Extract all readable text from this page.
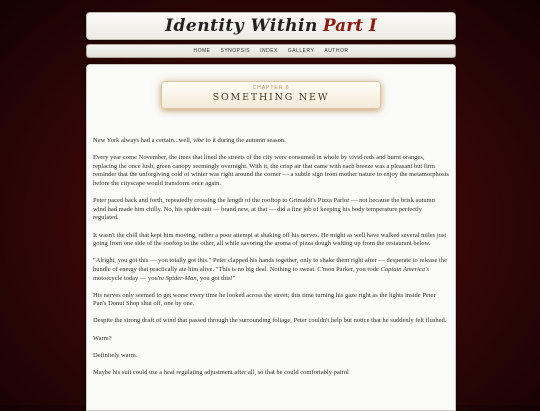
Identity Within Part I
HOME SYNOPSIS INDEX GALLERY AUTHOR
CHAPTER 6
SOMETHING NEW

New York always had a certain...well, vibe to it during the autumn season.

Every year come November, the trees that lined the streets of the city were consumed in whole by vivid reds and burnt oranges, replacing the once lush, green canopy seemingly overnight. With it, the crisp air that came with each breeze was a pleasant but firm reminder that the unforgiving cold of winter was right around the corner — a subtle sign from mother nature to enjoy the metamorphosis before the cityscape would transform once again.

Peter paced back and forth, repeatedly crossing the length of the rooftop to Grimaldi's Pizza Parlor — not because the brisk autumn wind had made him chilly. No, his spider-suit — brand new, at that — did a fine job of keeping his body temperature perfectly regulated.

It wasn't the chill that kept him moving, rather a poor attempt at shaking off his nerves. He might as well have walked several miles just going from one side of the rooftop to the other, all while savoring the aroma of pizza dough wafting up from the restaurant below.

"Alright, you got this — you totally got this." Peter clapped his hands together, only to shake them right after — desperate to release the bundle of energy that practically ate him alive. "This is no big deal. Nothing to sweat. C'mon Parker, you rode Captain America's motorcycle today — you're Spider-Man, you got this!"

His nerves only seemed to get worse every time he looked across the street; this time turning his gaze right as the lights inside Peter Pan's Donut Shop shut off, one by one.

Despite the strong draft of wind that passed through the surrounding foliage, Peter couldn't help but notice that he suddenly felt flushed.

Warm?

Definitely warm.

Maybe his suit could use a heat regulating adjustment after all, so that he could comfortably patrol
